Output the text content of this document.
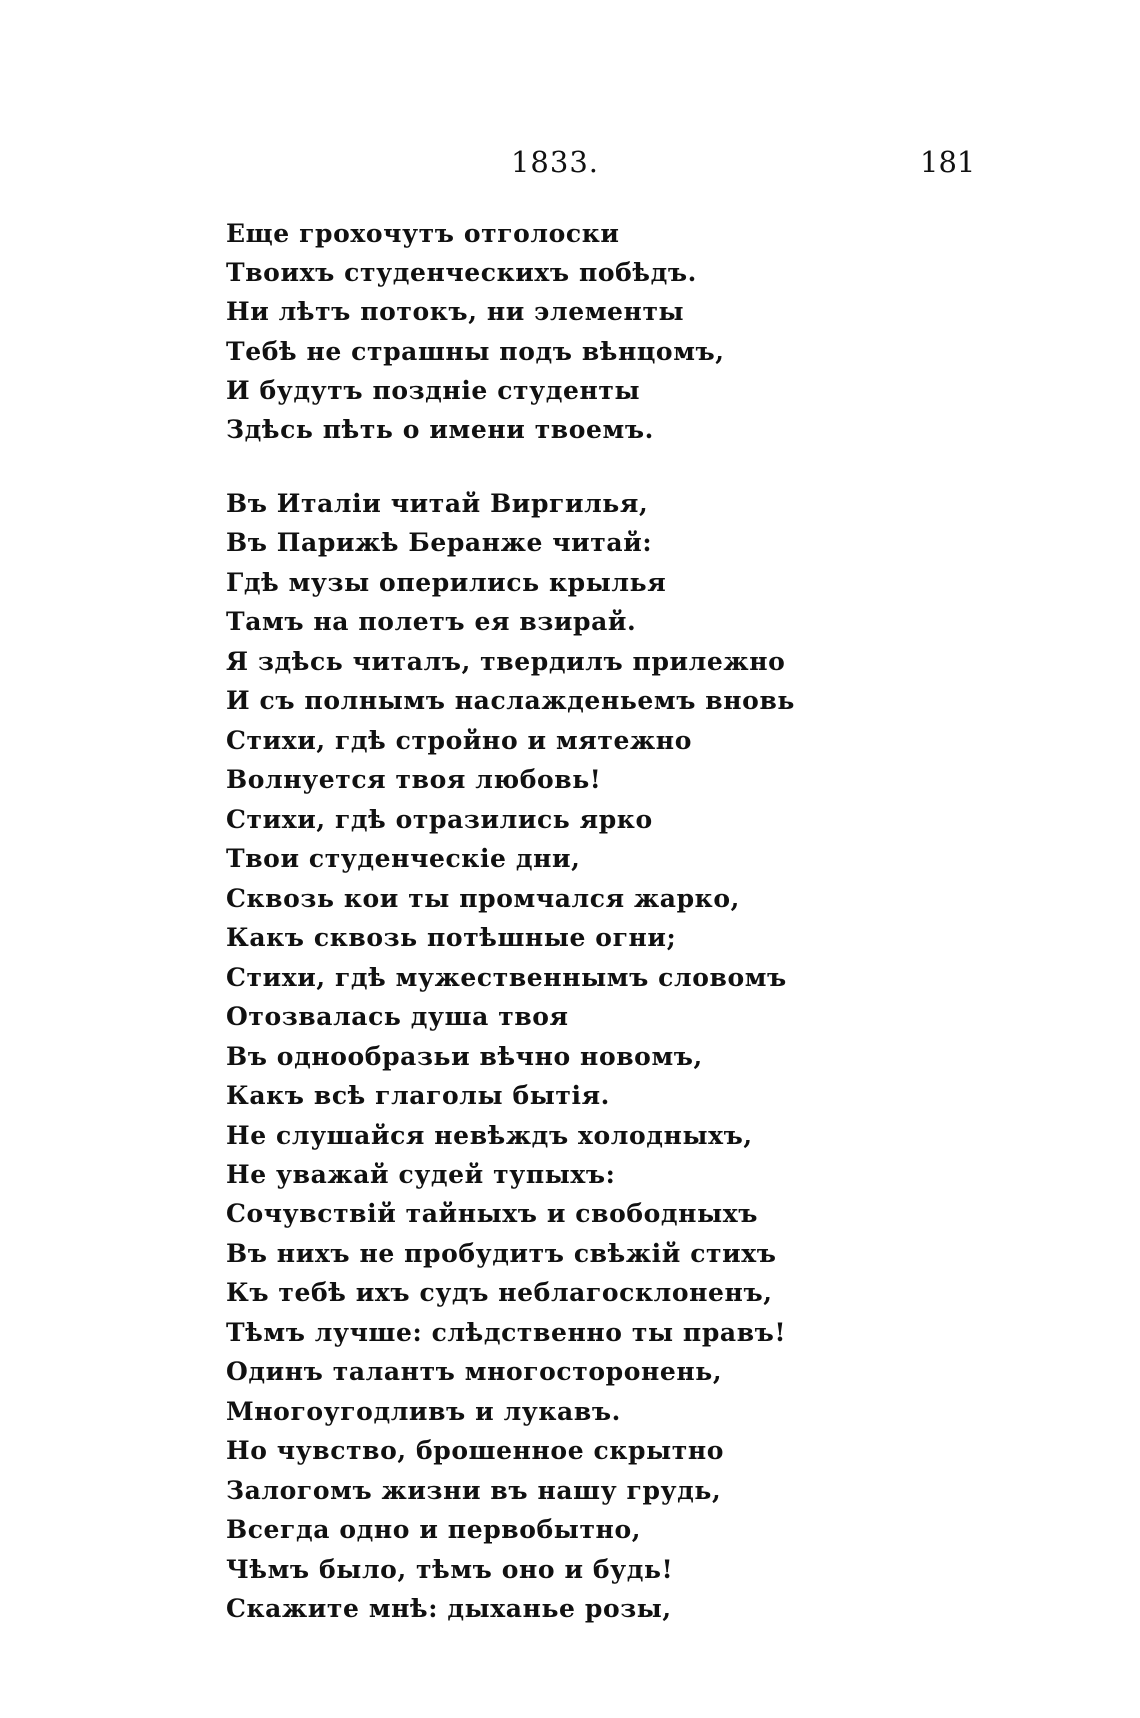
1833.	181
Еще грохочутъ отголоски
Твоихъ студенческихъ побѣдъ.
Ни лѣтъ потокъ, ни элементы
Тебѣ не страшны подъ вѣнцомъ,
И будутъ поздніе студенты
Здѣсь пѣть о имени твоемъ.
Въ Италіи читай Виргилья,
Въ Парижѣ Беранже читай:
Гдѣ музы оперились крылья
Тамъ на полетъ ея взирай.
Я здѣсь читалъ, твердилъ прилежно
И съ полнымъ наслажденьемъ вновь
Стихи, гдѣ стройно и мятежно
Волнуется твоя любовь!
Стихи, гдѣ отразились ярко
Твои студенческіе дни,
Сквозь кои ты промчался жарко,
Какъ сквозь потѣшные огни;
Стихи, гдѣ мужественнымъ словомъ
Отозвалась душа твоя
Въ однообразьи вѣчно новомъ,
Какъ всѣ глаголы бытія.
Не слушайся невѣждъ холодныхъ,
Не уважай судей тупыхъ:
Сочувствій тайныхъ и свободныхъ
Въ нихъ не пробудитъ свѣжій стихъ
Къ тебѣ ихъ судъ неблагосклоненъ,
Тѣмъ лучше: слѣдственно ты правъ!
Одинъ талантъ многосторонень,
Многоугодливъ и лукавъ.
Но чувство, брошенное скрытно
Залогомъ жизни въ нашу грудь,
Всегда одно и первобытно,
Чѣмъ было, тѣмъ оно и будь!
Скажите мнѣ: дыханье розы,
